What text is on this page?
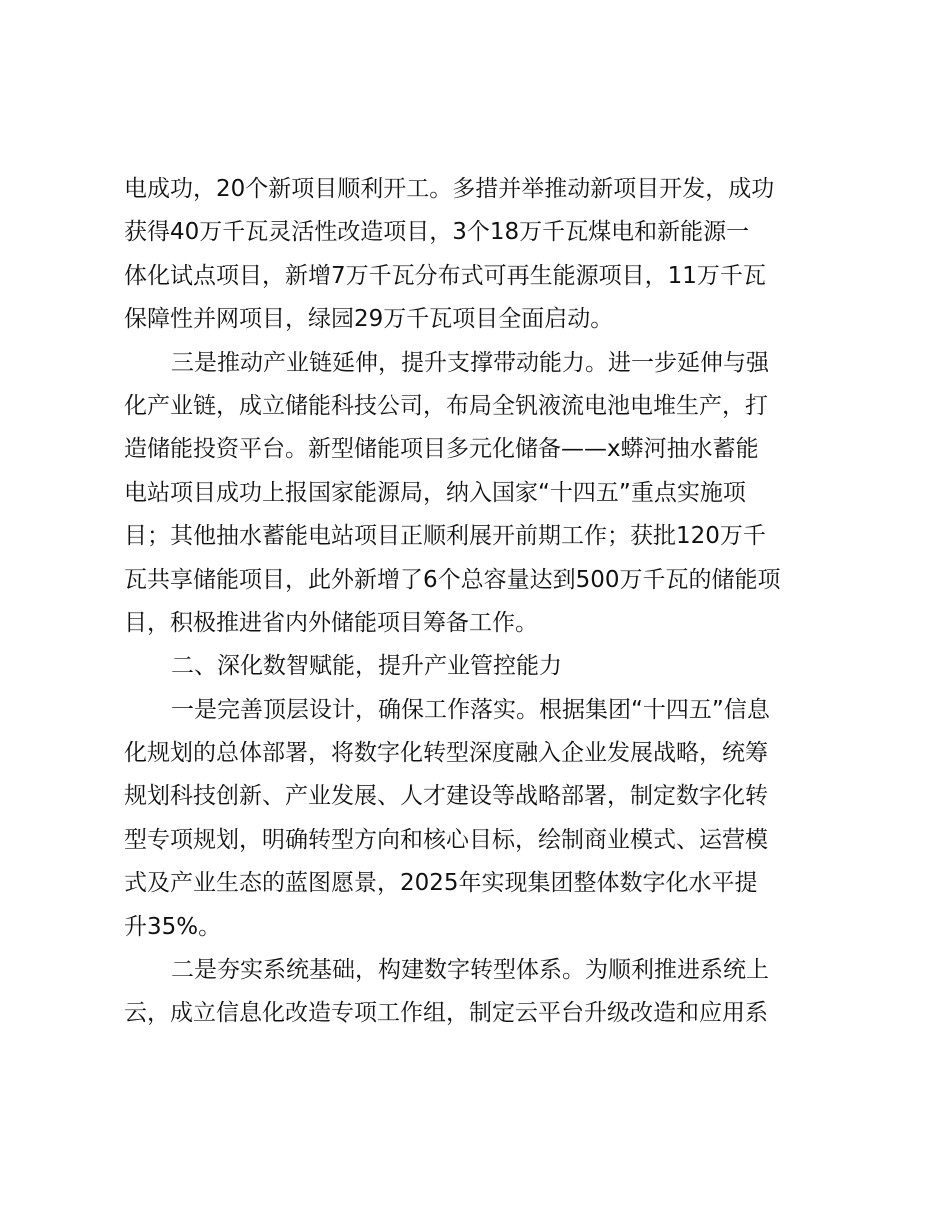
电成功，20个新项目顺利开工。多措并举推动新项目开发，成功
获得40万千瓦灵活性改造项目，3个18万千瓦煤电和新能源一
体化试点项目，新增7万千瓦分布式可再生能源项目，11万千瓦
保障性并网项目，绿园29万千瓦项目全面启动。
三是推动产业链延伸，提升支撑带动能力。进一步延伸与强
化产业链，成立储能科技公司，布局全钒液流电池电堆生产，打
造储能投资平台。新型储能项目多元化储备——x蟒河抽水蓄能
电站项目成功上报国家能源局，纳入国家“十四五”重点实施项
目；其他抽水蓄能电站项目正顺利展开前期工作；获批120万千
瓦共享储能项目，此外新增了6个总容量达到500万千瓦的储能项
目，积极推进省内外储能项目筹备工作。
二、深化数智赋能，提升产业管控能力
一是完善顶层设计，确保工作落实。根据集团“十四五”信息
化规划的总体部署，将数字化转型深度融入企业发展战略，统筹
规划科技创新、产业发展、人才建设等战略部署，制定数字化转
型专项规划，明确转型方向和核心目标，绘制商业模式、运营模
式及产业生态的蓝图愿景，2025年实现集团整体数字化水平提
升35%。
二是夯实系统基础，构建数字转型体系。为顺利推进系统上
云，成立信息化改造专项工作组，制定云平台升级改造和应用系
